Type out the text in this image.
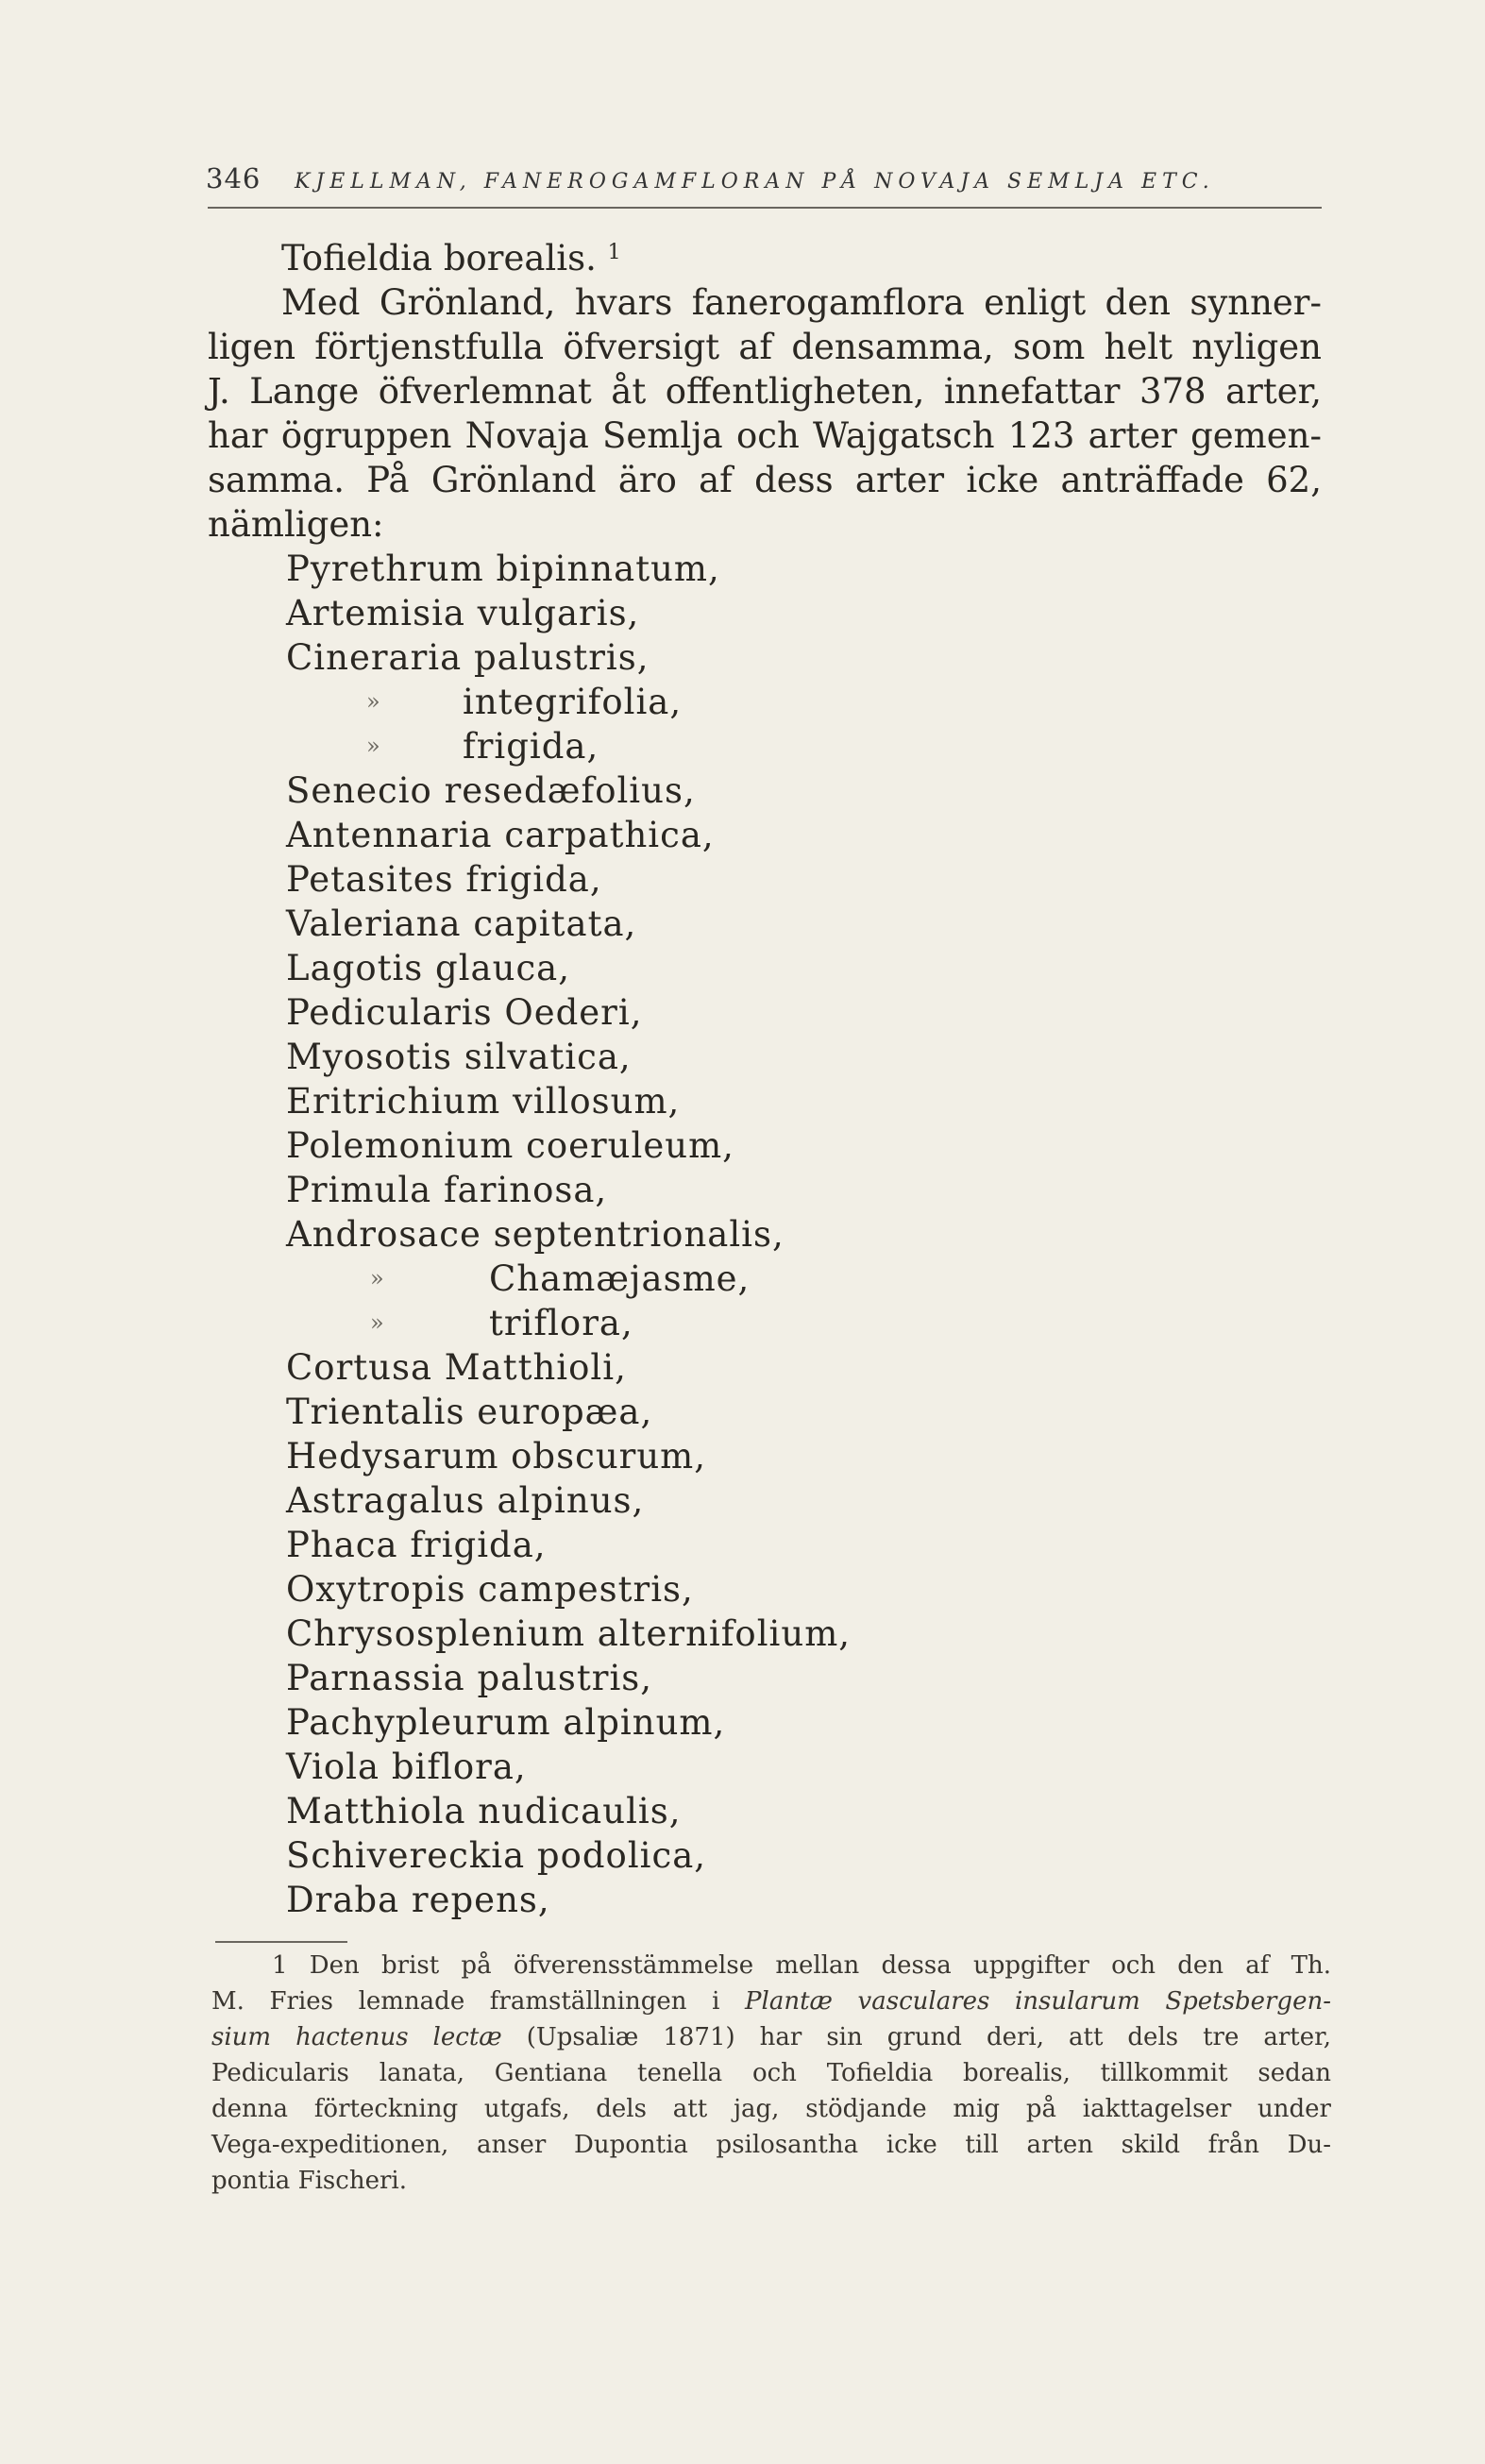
346 KJELLMAN, FANEROGAMFLORAN PÅ NOVAJA SEMLJA ETC.
Tofieldia borealis. $^1$
Med Grönland, hvars fanerogamflora enligt den synner-
ligen förtjenstfulla öfversigt af densamma, som helt nyligen
J. Lange öfverlemnat åt offentligheten, innefattar 378 arter,
har ögruppen Novaja Semlja och Wajgatsch 123 arter gemen-
samma. På Grönland äro af dess arter icke anträffade 62,
nämligen:
Pyrethrum bipinnatum,
Artemisia vulgaris,
Cineraria palustris,
» integrifolia,
» frigida,
Senecio resedæfolius,
Antennaria carpathica,
Petasites frigida,
Valeriana capitata,
Lagotis glauca,
Pedicularis Oederi,
Myosotis silvatica,
Eritrichium villosum,
Polemonium coeruleum,
Primula farinosa,
Androsace septentrionalis,
»	Chamæjasme,
»	triflora,
Cortusa Matthioli,
Trientalis europæa,
Hedysarum obscurum,
Astragalus alpinus,
Phaca frigida,
Oxytropis campestris,
Chrysosplenium alternifolium,
Parnassia palustris,
Pachypleurum alpinum,
Viola biflora,
Matthiola nudicaulis,
Schivereckia podolica,
Draba repens,
1 Den brist på öfverensstämmelse mellan dessa uppgifter och den af Th.
M. Fries lemnade framställningen i Plantæ vasculares insularum Spetsbergen-
sium hactenus lectæ (Upsaliæ 1871) har sin grund deri, att dels tre arter,
Pedicularis lanata, Gentiana tenella och Tofieldia borealis, tillkommit sedan
denna förteckning utgafs, dels att jag, stödjande mig på iakttagelser under
Vega-expeditionen, anser Dupontia psilosantha icke till arten skild från Du-
pontia Fischeri.
